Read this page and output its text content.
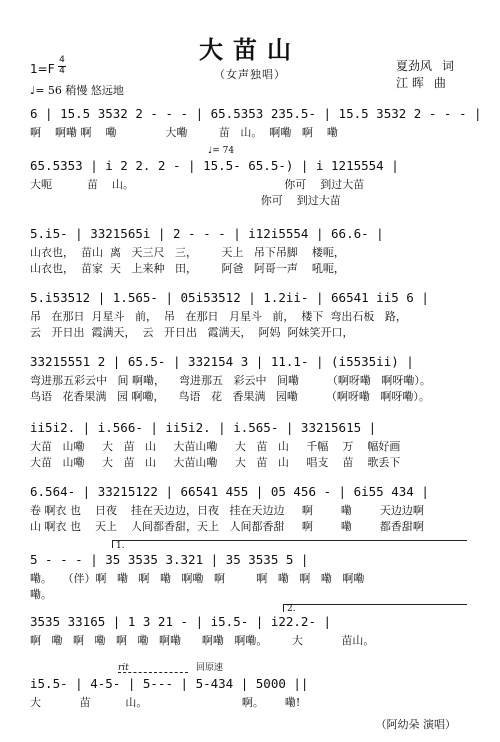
大苗山
（女声独唱）
1=F
4
4
♩= 56 稍慢 悠远地
夏劲风 词
江 晖 曲
6 | 15.5 3532 2 - - - | 65.5353 235.5- | 15.5 3532 2 - - - |
啊    啊嘞 啊    嘞              大嘞         苗   山。  啊嘞   啊    嘞
♩= 74
65.5353 | i 2 2. 2 - | 15.5- 65.5-) | i 1215554 |
大呃          苗    山。                                           你可    到过大苗
你可    到过大苗
5.i5- | 3321565i | 2 - - - | i12i5554 | 66.6- |
山衣也，  苗山  离   天三尺   三，       天上   吊下吊脚    楼呃，
山衣也，  苗家  天   上来种   田，       阿爸   阿哥一声    吼呃，
5.i53512 | 1.565- | 05i53512 | 1.2ii- | 66541 ii5 6 |
吊   在那日  月星斗   前，  吊   在那日   月星斗   前，  楼下  弯出石板   路，
云   开日出  霞满天，  云   开日出   霞满天，  阿妈  阿妹笑开口，
33215551 2 | 65.5- | 332154 3 | 11.1- | (i5535ii) |
弯进那五彩云中   间 啊嘞，    弯进那五   彩云中   间嘞        （啊呀嘞   啊呀嘞）。
鸟语   花香果满   园 啊嘞，    鸟语   花   香果满   园嘞        （啊呀嘞   啊呀嘞）。
ii5i2. | i.566- | ii5i2. | i.565- | 33215615 |
大苗   山嘞     大   苗   山     大苗山嘞     大   苗   山     千幅    万    幅好画
大苗   山嘞     大   苗   山     大苗山嘞     大   苗   山     唱支    苗    歌丢下
6.564- | 33215122 | 66541 455 | 05 456 - | 6i55 434 |
卷 啊衣 也    日夜    挂在天边边，日夜   挂在天边边     啊        嘞        天边边啊
山 啊衣 也    天上    人间都香甜，天上   人间都香甜     啊        嘞        都香甜啊
1.
5 - - - | 35 3535 3.321 | 35 3535 5 |
嘞。   （伴）啊   嘞   啊   嘞   啊嘞   啊         啊   嘞   啊   嘞   啊嘞
嘞。
2.
3535 33165 | 1 3 21 - | i5.5- | i22.2- |
啊   嘞   啊   嘞   啊   嘞   啊嘞      啊嘞   啊嘞。       大           苗山。
rit	回原速
i5.5- | 4-5- | 5--- | 5-434 | 5000 ||
大           苗          山。                           啊。      嘞!
（阿幼朵 演唱）
